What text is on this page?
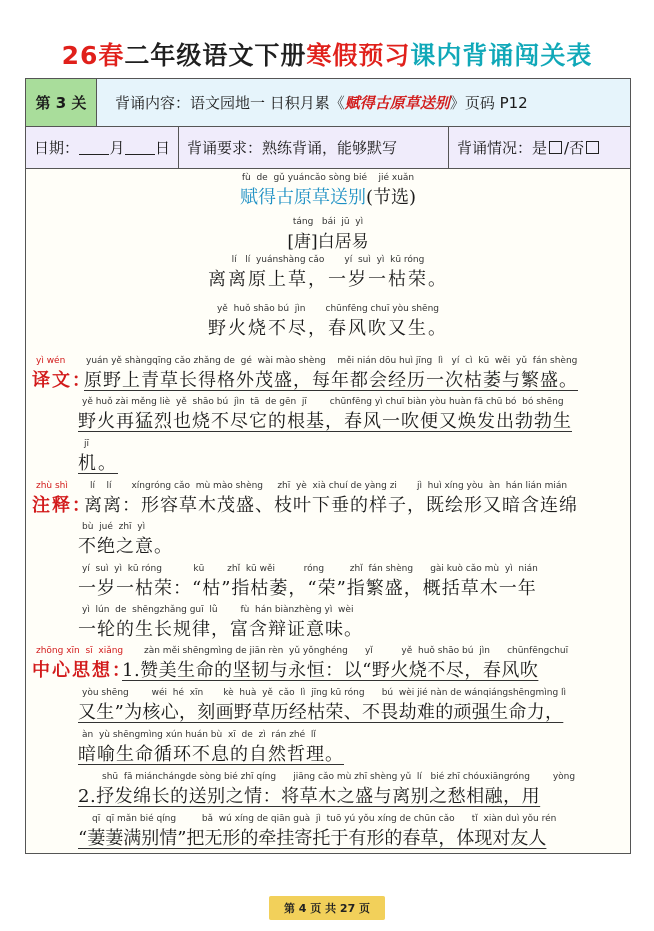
26春二年级语文下册寒假预习课内背诵闯关表
第 3 关	背诵内容： 语文园地一 日积月累《 赋得古原草送别 》页码 P12
日期： 月 日	背诵要求：熟练背诵，能够默写	背诵情况：是 /否
fù  de  gǔ yuáncǎo sòng bié    jié xuǎn
赋得古原草送别(节选)
táng   bái  jū  yì
[唐]白居易
lí   lí  yuánshàng cǎo       yí  suì  yì  kū róng
离离原上草，一岁一枯荣。
yě  huǒ shāo bú  jìn       chūnfēng chuī yòu shēng
野火烧不尽，春风吹又生。
yì wén
译文：
yuán yě shàngqīng cǎo zhǎng de  gé  wài mào shèng    měi nián dōu huì jīng  lì   yí  cì  kū  wěi  yǔ  fán shèng
原野上青草长得格外茂盛，每年都会经历一次枯萎与繁盛。
yě huǒ zài měng liè  yě  shāo bú  jìn  tā  de gēn  jī        chūnfēng yì chuī biàn yòu huàn fā chū bó  bó shēng
野火再猛烈也烧不尽它的根基，春风一吹便又焕发出勃勃生
jī
机。
zhù shì
注释：
lí    lí       xíngróng cǎo  mù mào shèng     zhī  yè  xià chuí de yàng zi       jì  huì xíng yòu  àn  hán lián mián
离离：形容草木茂盛、枝叶下垂的样子，既绘形又暗含连绵
bù  jué  zhī  yì
不绝之意。
yí  suì  yì  kū róng           kū        zhǐ  kū wěi          róng         zhǐ  fán shèng      gài kuò cǎo mù  yì  nián
一岁一枯荣：“枯”指枯萎，“荣”指繁盛，概括草木一年
yì  lún  de  shēngzhǎng guī  lǜ        fù  hán biànzhèng yì  wèi
一轮的生长规律，富含辩证意味。
zhōng xīn  sī  xiǎng
中心思想：
zàn měi shēngmìng de jiān rèn  yǔ yǒnghéng      yǐ          yě  huǒ shāo bú  jìn      chūnfēngchuī
1.赞美生命的坚韧与永恒：以“野火烧不尽，春风吹
yòu shēng        wéi  hé  xīn       kè  huà  yě  cǎo  lì  jīng kū róng      bú  wèi jié nàn de wánqiángshēngmìng lì
又生”为核心，刻画野草历经枯荣、不畏劫难的顽强生命力，
àn  yù shēngmìng xún huán bù  xī  de  zì  rán zhé  lǐ
暗喻生命循环不息的自然哲理。
shū  fā miánchángde sòng bié zhī qíng      jiāng cǎo mù zhī shèng yǔ  lí   bié zhī chóuxiāngróng        yòng
2.抒发绵长的送别之情：将草木之盛与离别之愁相融，用
qī  qī mǎn bié qíng         bǎ  wú xíng de qiān guà  jì  tuō yú yǒu xíng de chūn cǎo      tǐ  xiàn duì yǒu rén
“萋萋满别情”把无形的牵挂寄托于有形的春草，体现对友人
第 4 页 共 27 页
